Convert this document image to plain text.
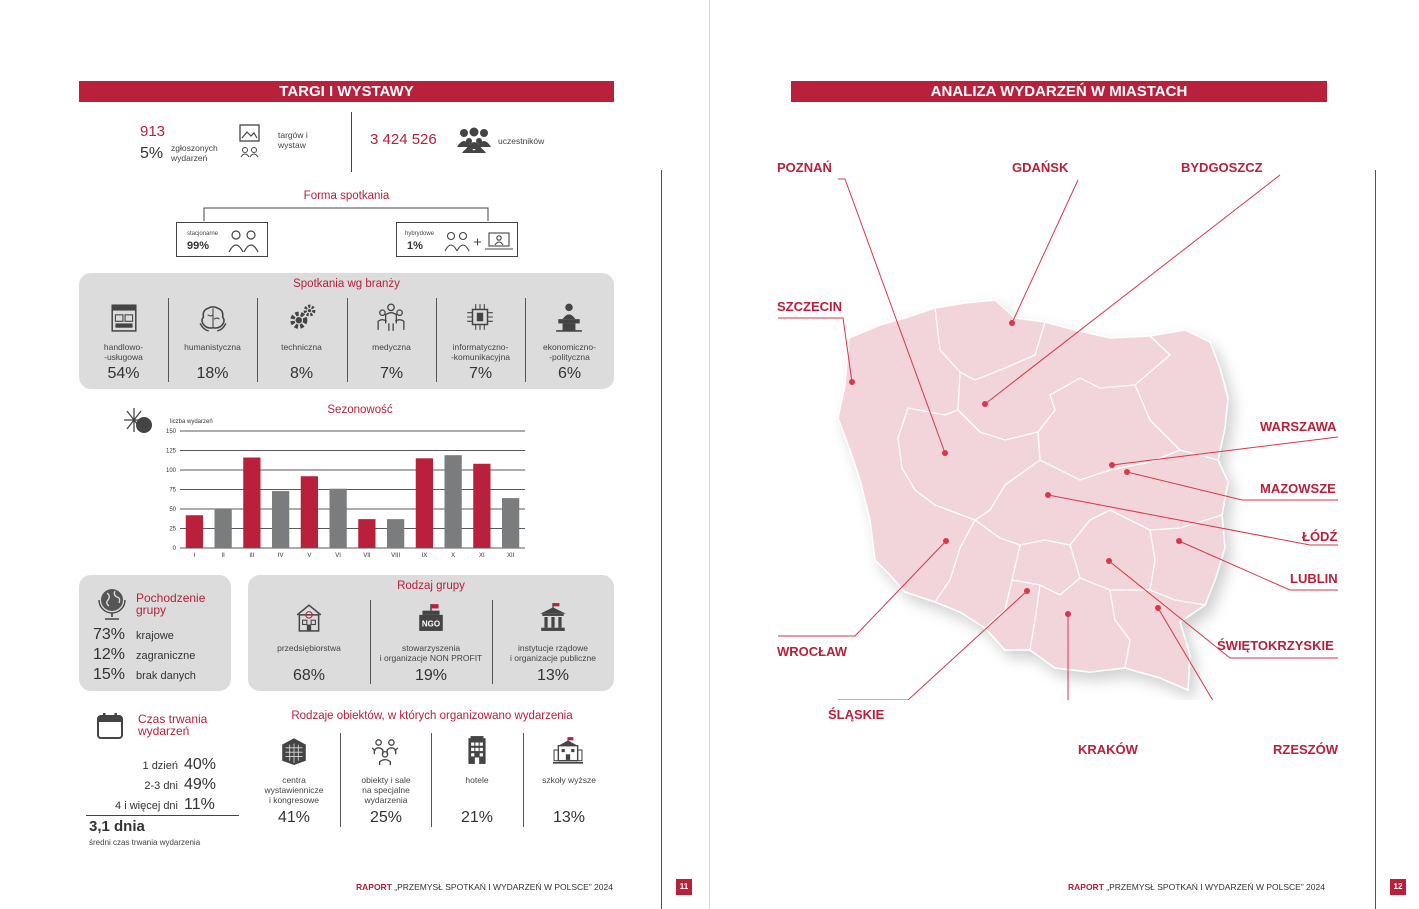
TARGI I WYSTAWY
913
5% zgłoszonych wydarzeń
targów i wystaw	3 424 526	uczestników
Forma spotkania
stacjonarne
99%
hybrydowe
1%
Spotkania wg branży
Sezonowość
liczba wydarzeń
0
25
50
75
100
125
150
I	II	III	IV	V	VI	VII	VIII	IX	X	XI	XII
Pochodzenie grupy
Rodzaj grupy
Czas trwania wydarzeń
3,1 dnia
średni czas trwania wydarzenia
Rodzaje obiektów, w których organizowano wydarzenia
RAPORT „PRZEMYSŁ SPOTKAŃ I WYDARZEŃ W POLSCE” 2024	11
ANALIZA WYDARZEŃ W MIASTACH
POZNAŃ	GDAŃSK	BYDGOSZCZ
SZCZECIN
WARSZAWA
MAZOWSZE
ŁÓDŹ
LUBLIN
ŚWIĘTOKRZYSKIE
WROCŁAW
ŚLĄSKIE
KRAKÓW	RZESZÓW
RAPORT „PRZEMYSŁ SPOTKAŃ I WYDARZEŃ W POLSCE” 2024	12
handlowo-
-usługowa
54%
humanistyczna
18%
techniczna
8%
medyczna
7%
informatyczno-
-komunikacyjna
7%
ekonomiczno-
-polityczna
6%
73% krajowe
12% zagraniczne
15% brak danych
przedsiębiorstwa
68%
NGO
stowarzyszenia
i organizacje NON PROFIT
19%
instytucje rządowe
i organizacje publiczne
13%
1 dzień 40%
2-3 dni 49%
4 i więcej dni 11%
centra
wystawiennicze
i kongresowe
41%
obiekty i sale
na specjalne
wydarzenia
25%
hotele
21%
szkoły wyższe
13%
